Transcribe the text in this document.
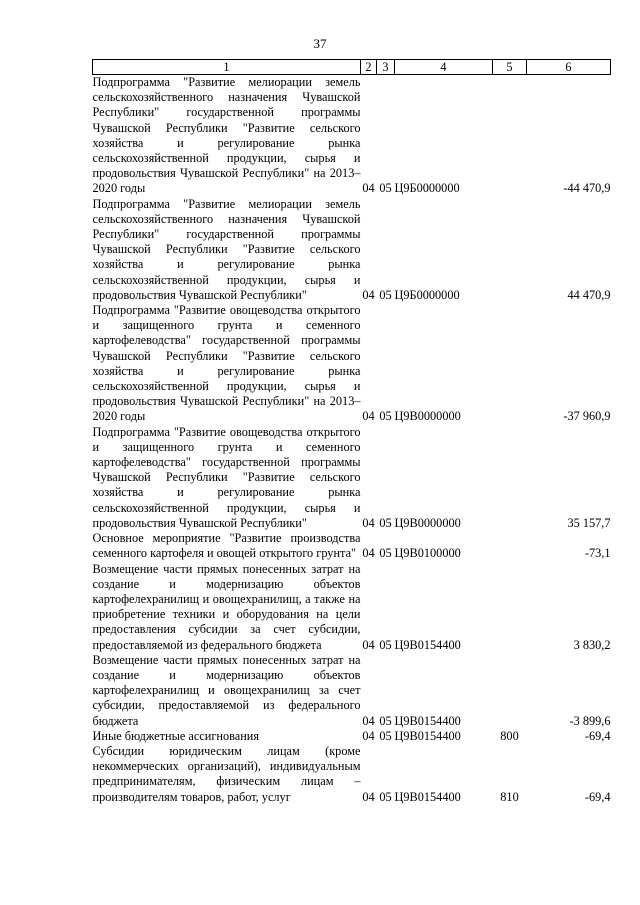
37
1	2	3	4	5	6
Подпрограмма "Развитие мелиорации земель сельскохозяйственного назначения Чувашской Республики" государственной программы Чувашской Республики "Развитие сельского хозяйства и регулирование рынка сельскохозяйственной продукции, сырья и продовольствия Чувашской Республики" на 2013–2020 годы	04	05	Ц9Б0000000		-44 470,9
Подпрограмма "Развитие мелиорации земель сельскохозяйственного назначения Чувашской Республики" государственной программы Чувашской Республики "Развитие сельского хозяйства и регулирование рынка сельскохозяйственной продукции, сырья и продовольствия Чувашской Республики"	04	05	Ц9Б0000000		44 470,9
Подпрограмма "Развитие овощеводства открытого и защищенного грунта и семенного картофелеводства" государственной программы Чувашской Республики "Развитие сельского хозяйства и регулирование рынка сельскохозяйственной продукции, сырья и продовольствия Чувашской Республики" на 2013–2020 годы	04	05	Ц9В0000000		-37 960,9
Подпрограмма "Развитие овощеводства открытого и защищенного грунта и семенного картофелеводства" государственной программы Чувашской Республики "Развитие сельского хозяйства и регулирование рынка сельскохозяйственной продукции, сырья и продовольствия Чувашской Республики"	04	05	Ц9В0000000		35 157,7
Основное мероприятие "Развитие производства семенного картофеля и овощей открытого грунта"	04	05	Ц9В0100000		-73,1
Возмещение части прямых понесенных затрат на создание и модернизацию объектов картофелехранилищ и овощехранилищ, а также на приобретение техники и оборудования на цели предоставления субсидии за счет субсидии, предоставляемой из федерального бюджета	04	05	Ц9В0154400		3 830,2
Возмещение части прямых понесенных затрат на создание и модернизацию объектов картофелехранилищ и овощехранилищ за счет субсидии, предоставляемой из федерального бюджета	04	05	Ц9В0154400		-3 899,6
Иные бюджетные ассигнования	04	05	Ц9В0154400	800	-69,4
Субсидии юридическим лицам (кроме некоммерческих организаций), индивидуальным предпринимателям, физическим лицам – производителям товаров, работ, услуг	04	05	Ц9В0154400	810	-69,4
